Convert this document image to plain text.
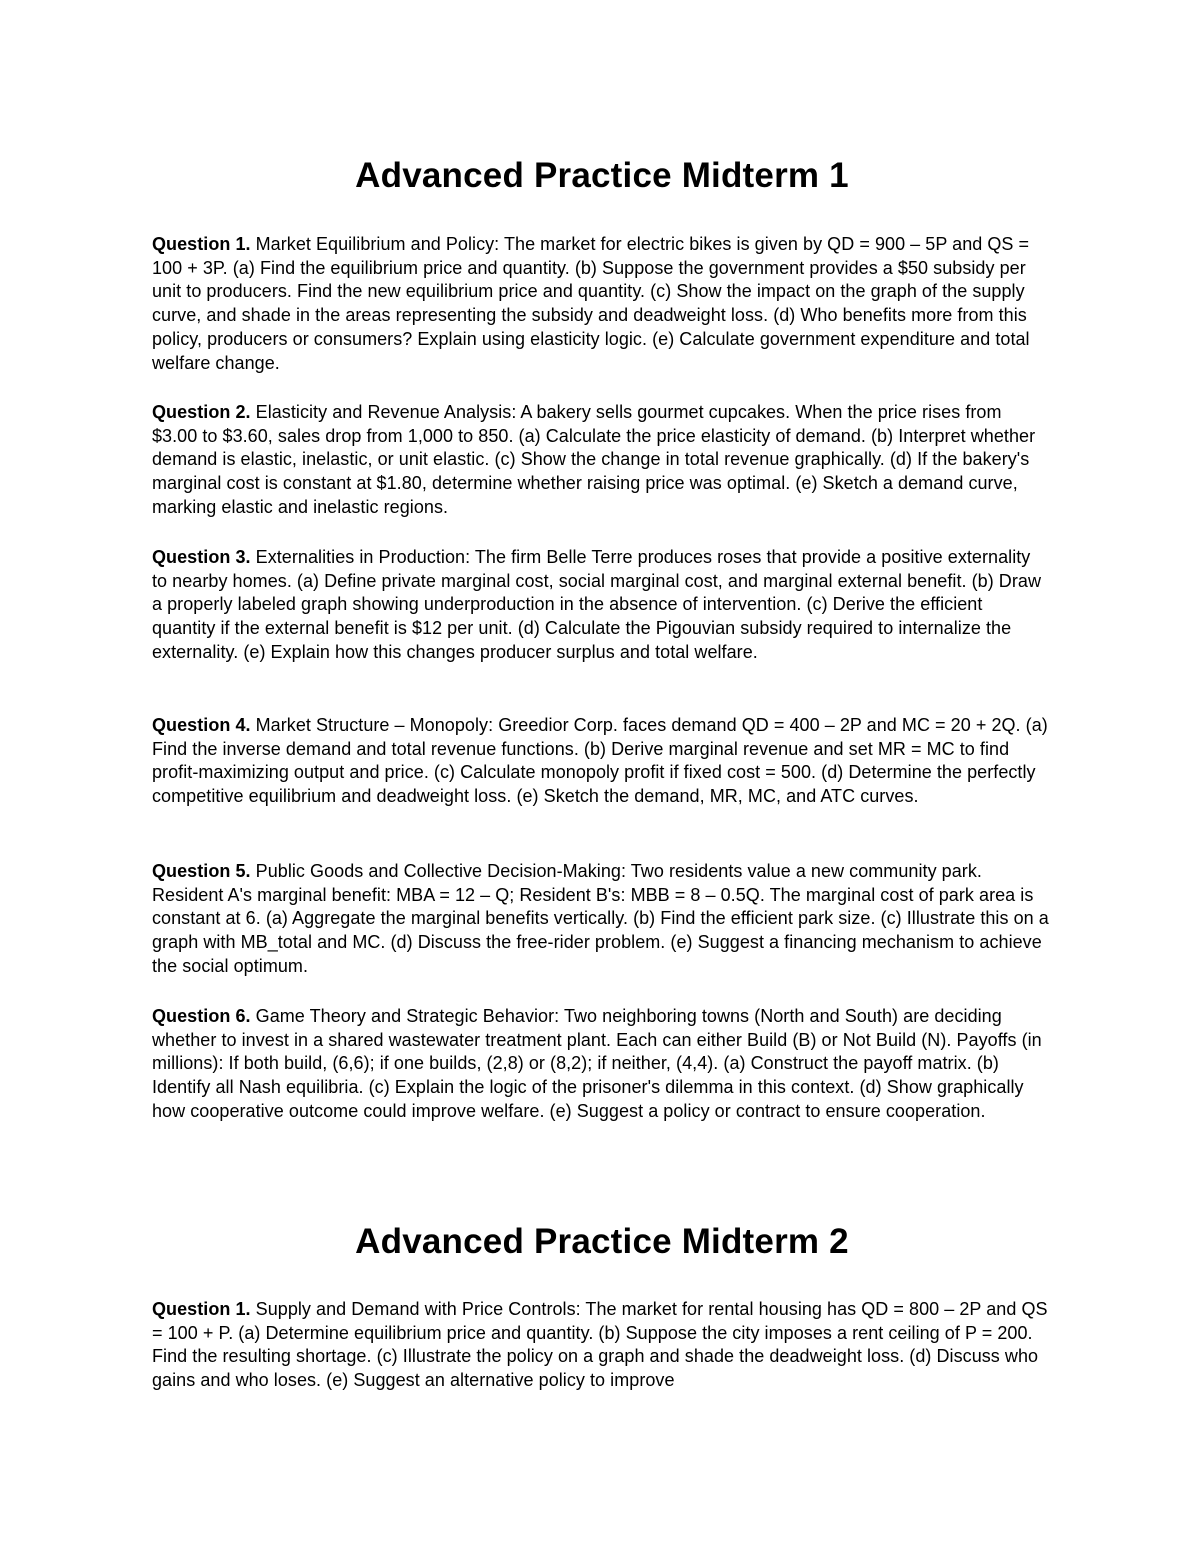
Advanced Practice Midterm 1

Question 1. Market Equilibrium and Policy: The market for electric bikes is given by QD = 900 – 5P and QS = 100 + 3P. (a) Find the equilibrium price and quantity. (b) Suppose the government provides a $50 subsidy per unit to producers. Find the new equilibrium price and quantity. (c) Show the impact on the graph of the supply curve, and shade in the areas representing the subsidy and deadweight loss. (d) Who benefits more from this policy, producers or consumers? Explain using elasticity logic. (e) Calculate government expenditure and total welfare change.

Question 2. Elasticity and Revenue Analysis: A bakery sells gourmet cupcakes. When the price rises from $3.00 to $3.60, sales drop from 1,000 to 850. (a) Calculate the price elasticity of demand. (b) Interpret whether demand is elastic, inelastic, or unit elastic. (c) Show the change in total revenue graphically. (d) If the bakery's marginal cost is constant at $1.80, determine whether raising price was optimal. (e) Sketch a demand curve, marking elastic and inelastic regions.

Question 3. Externalities in Production: The firm Belle Terre produces roses that provide a positive externality to nearby homes. (a) Define private marginal cost, social marginal cost, and marginal external benefit. (b) Draw a properly labeled graph showing underproduction in the absence of intervention. (c) Derive the efficient quantity if the external benefit is $12 per unit. (d) Calculate the Pigouvian subsidy required to internalize the externality. (e) Explain how this changes producer surplus and total welfare.

Question 4. Market Structure – Monopoly: Greedior Corp. faces demand QD = 400 – 2P and MC = 20 + 2Q. (a) Find the inverse demand and total revenue functions. (b) Derive marginal revenue and set MR = MC to find profit-maximizing output and price. (c) Calculate monopoly profit if fixed cost = 500. (d) Determine the perfectly competitive equilibrium and deadweight loss. (e) Sketch the demand, MR, MC, and ATC curves.

Question 5. Public Goods and Collective Decision-Making: Two residents value a new community park. Resident A's marginal benefit: MBA = 12 – Q; Resident B's: MBB = 8 – 0.5Q. The marginal cost of park area is constant at 6. (a) Aggregate the marginal benefits vertically. (b) Find the efficient park size. (c) Illustrate this on a graph with MB_total and MC. (d) Discuss the free-rider problem. (e) Suggest a financing mechanism to achieve the social optimum.

Question 6. Game Theory and Strategic Behavior: Two neighboring towns (North and South) are deciding whether to invest in a shared wastewater treatment plant. Each can either Build (B) or Not Build (N). Payoffs (in millions): If both build, (6,6); if one builds, (2,8) or (8,2); if neither, (4,4). (a) Construct the payoff matrix. (b) Identify all Nash equilibria. (c) Explain the logic of the prisoner's dilemma in this context. (d) Show graphically how cooperative outcome could improve welfare. (e) Suggest a policy or contract to ensure cooperation.

Advanced Practice Midterm 2

Question 1. Supply and Demand with Price Controls: The market for rental housing has QD = 800 – 2P and QS = 100 + P. (a) Determine equilibrium price and quantity. (b) Suppose the city imposes a rent ceiling of P = 200. Find the resulting shortage. (c) Illustrate the policy on a graph and shade the deadweight loss. (d) Discuss who gains and who loses. (e) Suggest an alternative policy to improve
